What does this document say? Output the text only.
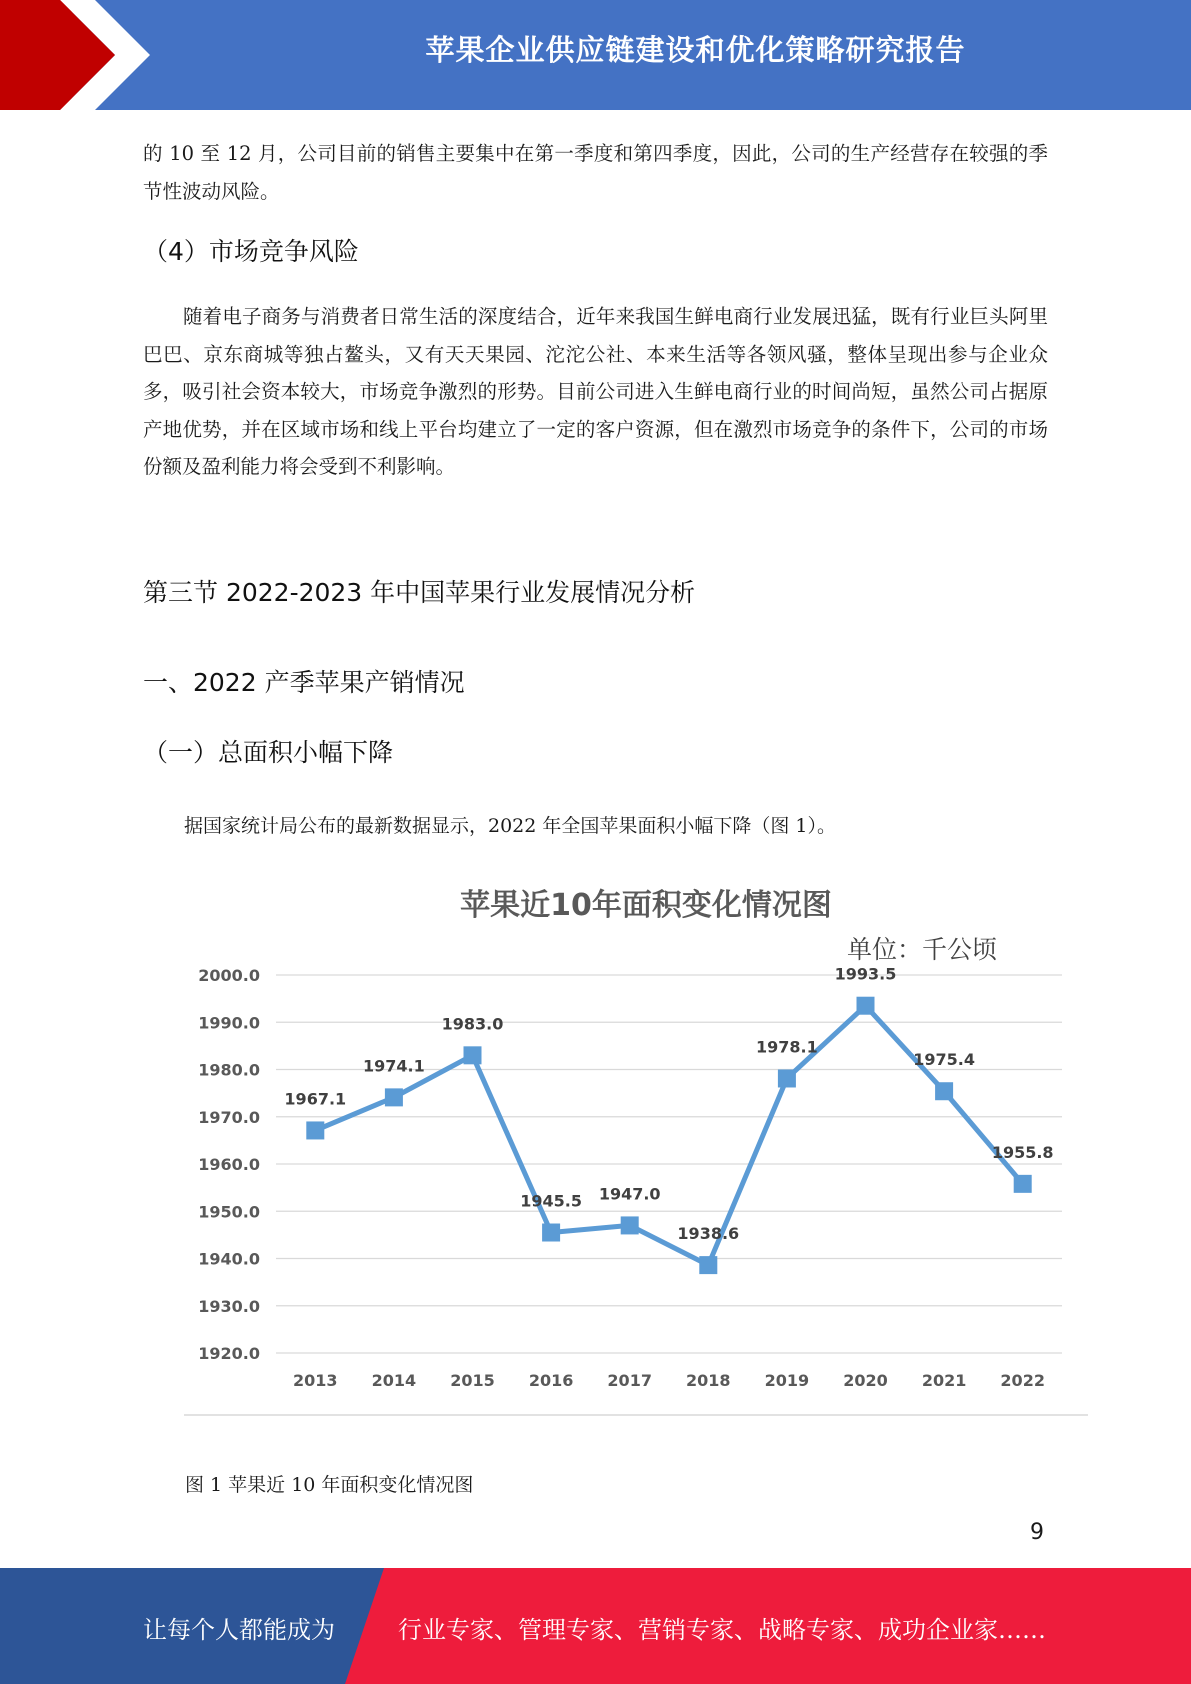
苹果企业供应链建设和优化策略研究报告

的 10 至 12 月，公司目前的销售主要集中在第一季度和第四季度，因此，公司的生产经营存在较强的季节性波动风险。

（4）市场竞争风险

随着电子商务与消费者日常生活的深度结合，近年来我国生鲜电商行业发展迅猛，既有行业巨头阿里巴巴、京东商城等独占鳌头，又有天天果园、沱沱公社、本来生活等各领风骚，整体呈现出参与企业众多，吸引社会资本较大，市场竞争激烈的形势。目前公司进入生鲜电商行业的时间尚短，虽然公司占据原产地优势，并在区域市场和线上平台均建立了一定的客户资源，但在激烈市场竞争的条件下，公司的市场份额及盈利能力将会受到不利影响。

第三节 2022-2023 年中国苹果行业发展情况分析
一、2022 产季苹果产销情况
（一）总面积小幅下降

据国家统计局公布的最新数据显示，2022 年全国苹果面积小幅下降（图 1）。

苹果近10年面积变化情况图
单位：千公顷
1920.0
1930.0
1940.0
1950.0
1960.0
1970.0
1980.0
1990.0
2000.0
2013 2014 2015 2016 2017 2018 2019 2020 2021 2022
1967.1
1974.1
1983.0
1945.5 1947.0
1938.6
1978.1
1993.5
1975.4
1955.8
图 1 苹果近 10 年面积变化情况图
9
让每个人都能成为	行业专家、管理专家、营销专家、战略专家、成功企业家……
